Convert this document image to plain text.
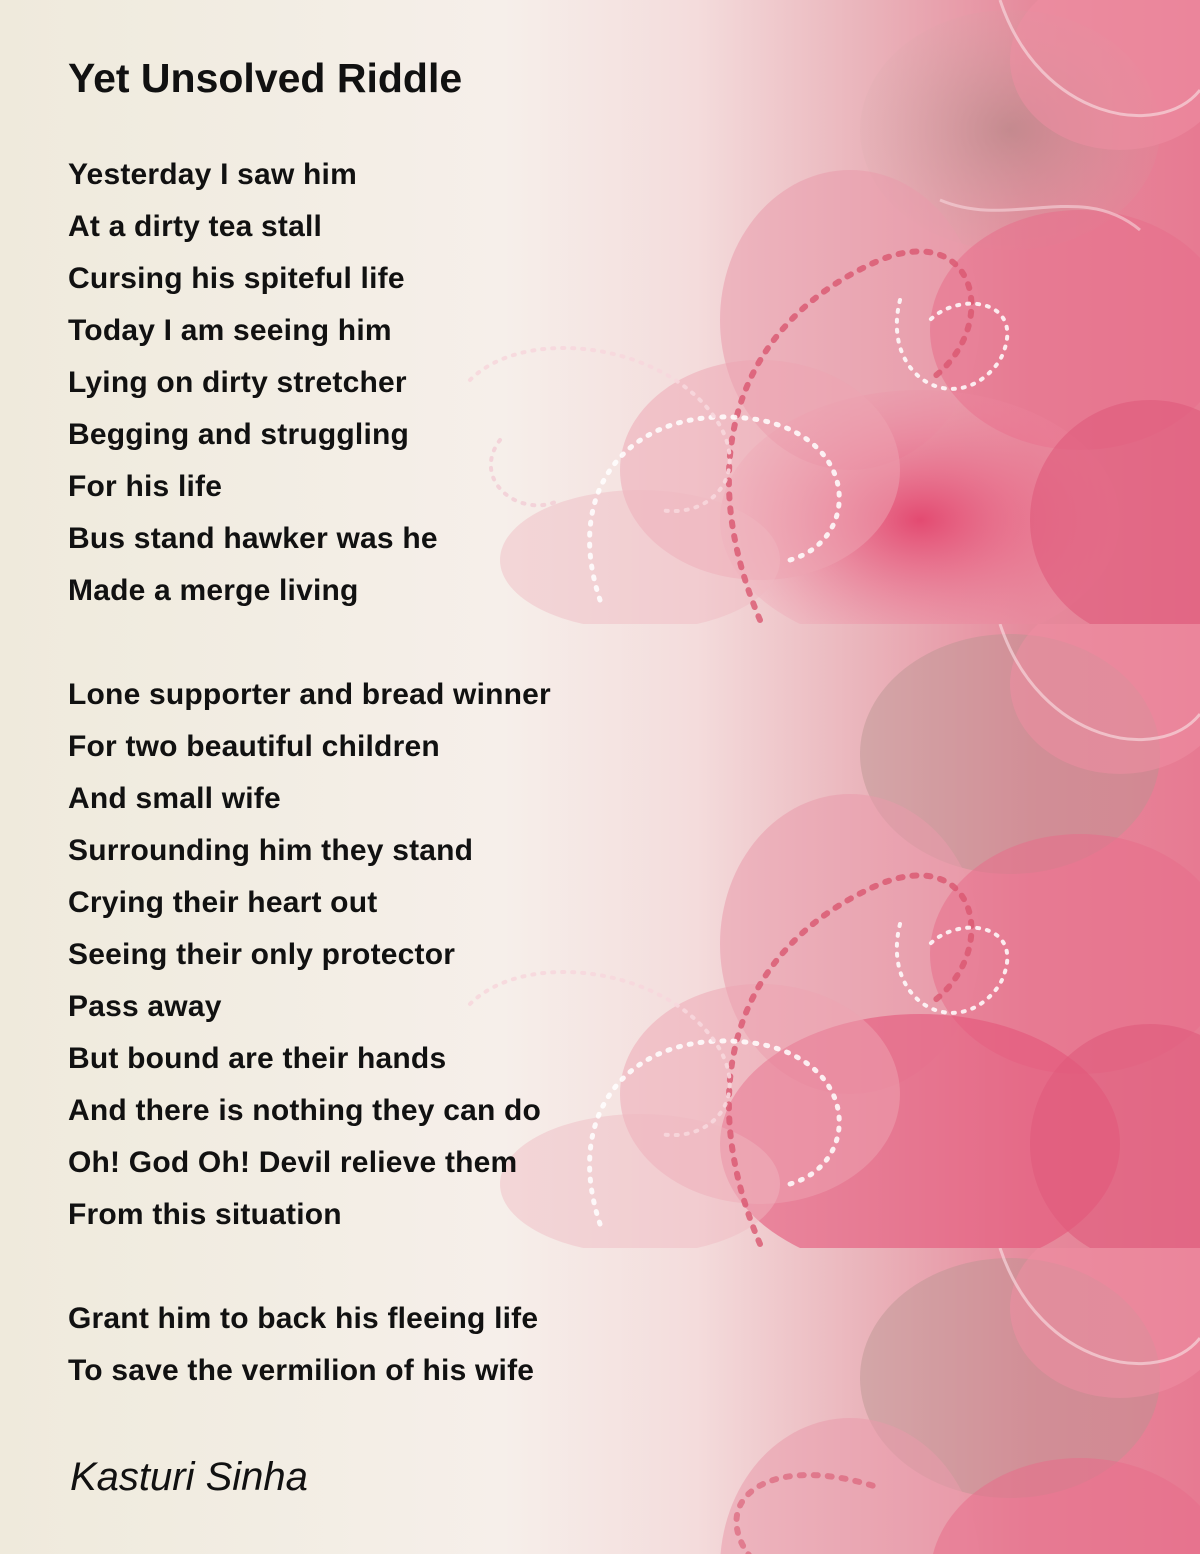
Yet Unsolved Riddle
Yesterday I saw him
At a dirty tea stall
Cursing his spiteful life
Today I am seeing him
Lying on dirty stretcher
Begging and struggling
For his life
Bus stand hawker was he
Made a merge living
Lone supporter and bread winner
For two beautiful children
And small wife
Surrounding him they stand
Crying their heart out
Seeing their only protector
Pass away
But bound are their hands
And there is nothing they can do
Oh! God Oh! Devil relieve them
From this situation
Grant him to back his fleeing life
To save the vermilion of his wife
Kasturi Sinha
